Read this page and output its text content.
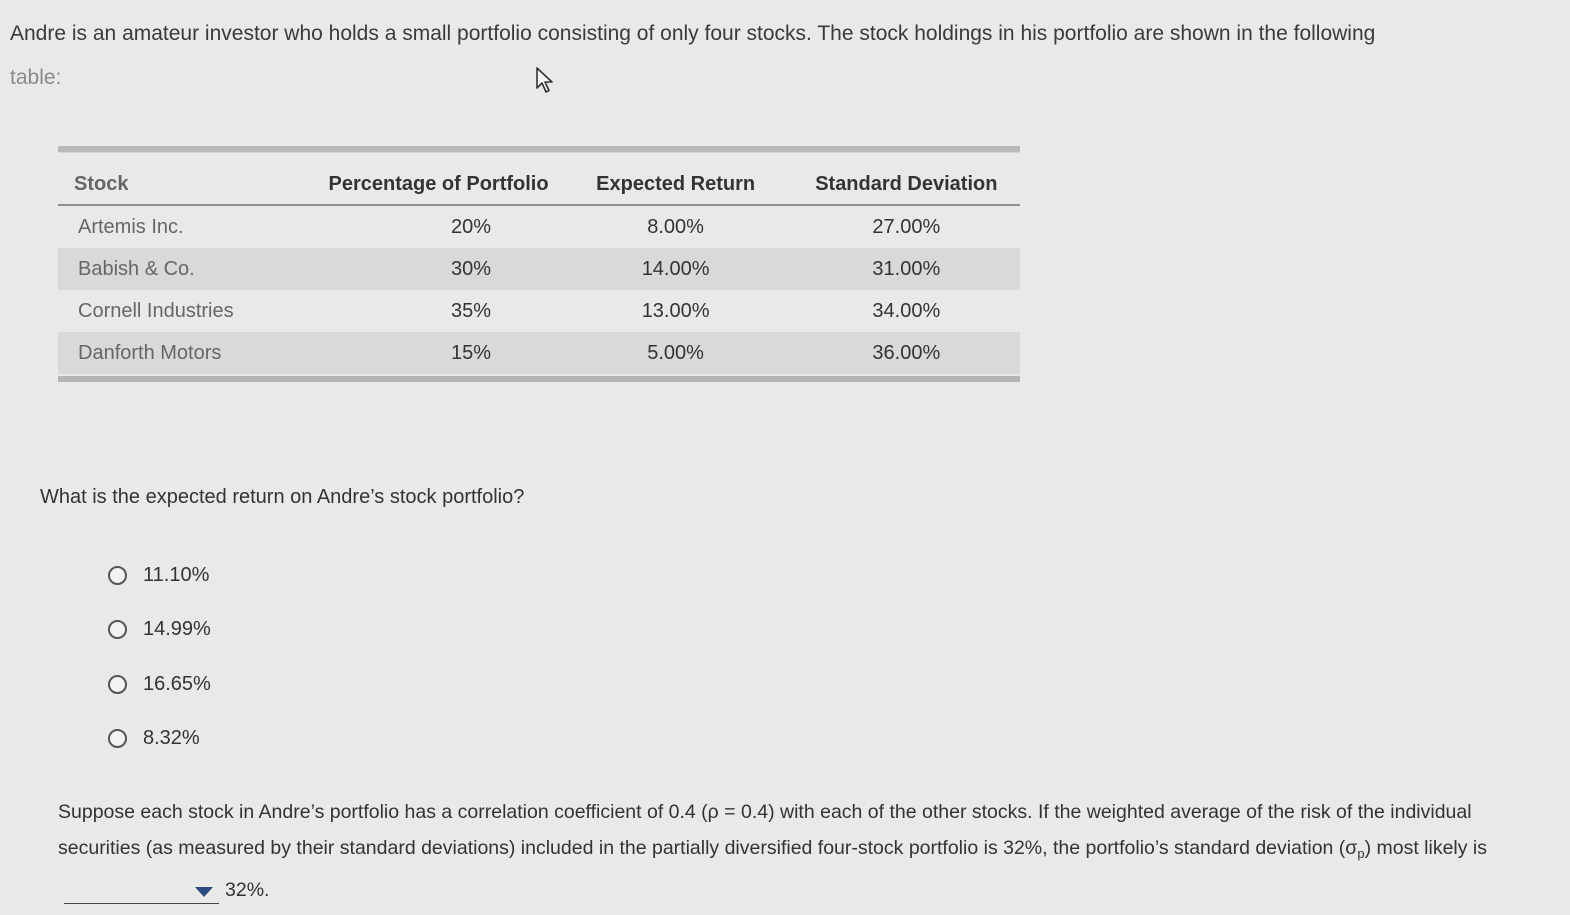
Andre is an amateur investor who holds a small portfolio consisting of only four stocks. The stock holdings in his portfolio are shown in the following
table:
Stock	Percentage of Portfolio	Expected Return	Standard Deviation
Artemis Inc.	20%	8.00%	27.00%
Babish & Co.	30%	14.00%	31.00%
Cornell Industries	35%	13.00%	34.00%
Danforth Motors	15%	5.00%	36.00%
What is the expected return on Andre’s stock portfolio?
11.10%
14.99%
16.65%
8.32%
Suppose each stock in Andre’s portfolio has a correlation coefficient of 0.4 (ρ = 0.4) with each of the other stocks. If the weighted average of the risk of the individual securities (as measured by their standard deviations) included in the partially diversified four-stock portfolio is 32%, the portfolio’s standard deviation $(\sigma_p)$ most likely is
32%.
